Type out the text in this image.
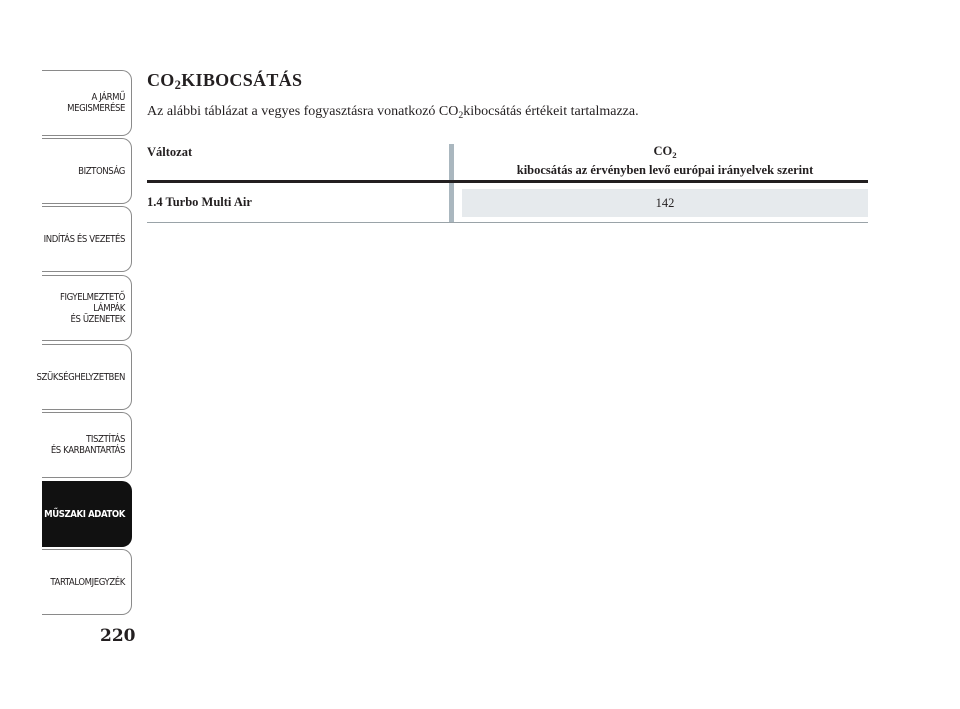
A JÁRMŰ
MEGISMERÉSE
BIZTONSÁG
INDÍTÁS ÉS VEZETÉS
FIGYELMEZTETŐ
LÁMPÁK
ÉS ÜZENETEK
SZÜKSÉGHELYZETBEN
TISZTÍTÁS
ÉS KARBANTARTÁS
MŰSZAKI ADATOK
TARTALOMJEGYZÉK
220
$CO_2KIBOCSÁTÁS$

Az alábbi táblázat a vegyes fogyasztásra vonatkozó $CO_2kibocsátás$ értékeit tartalmazza.

Változat	$CO_2$
kibocsátás az érvényben levő európai irányelvek szerint
1.4 Turbo Multi Air	142
